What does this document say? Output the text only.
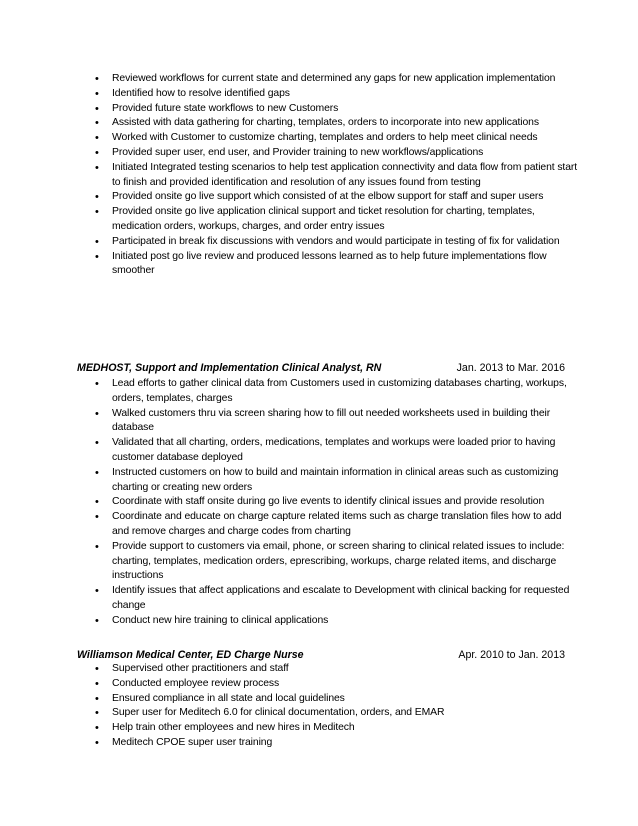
• Reviewed workflows for current state and determined any gaps for new application implementation
• Identified how to resolve identified gaps
• Provided future state workflows to new Customers
• Assisted with data gathering for charting, templates, orders to incorporate into new applications
• Worked with Customer to customize charting, templates and orders to help meet clinical needs
• Provided super user, end user, and Provider training to new workflows/applications
• Initiated Integrated testing scenarios to help test application connectivity and data flow from patient start to finish and provided identification and resolution of any issues found from testing
• Provided onsite go live support which consisted of at the elbow support for staff and super users
• Provided onsite go live application clinical support and ticket resolution for charting, templates, medication orders, workups, charges, and order entry issues
• Participated in break fix discussions with vendors and would participate in testing of fix for validation
• Initiated post go live review and produced lessons learned as to help future implementations flow smoother
MEDHOST, Support and Implementation Clinical Analyst, RN	Jan. 2013 to Mar. 2016
• Lead efforts to gather clinical data from Customers used in customizing databases charting, workups, orders, templates, charges
• Walked customers thru via screen sharing how to fill out needed worksheets used in building their database
• Validated that all charting, orders, medications, templates and workups were loaded prior to having customer database deployed
• Instructed customers on how to build and maintain information in clinical areas such as customizing charting or creating new orders
• Coordinate with staff onsite during go live events to identify clinical issues and provide resolution
• Coordinate and educate on charge capture related items such as charge translation files how to add and remove charges and charge codes from charting
• Provide support to customers via email, phone, or screen sharing to clinical related issues to include: charting, templates, medication orders, eprescribing, workups, charge related items, and discharge instructions
• Identify issues that affect applications and escalate to Development with clinical backing for requested change
• Conduct new hire training to clinical applications
Williamson Medical Center, ED Charge Nurse	Apr. 2010 to Jan. 2013
• Supervised other practitioners and staff
• Conducted employee review process
• Ensured compliance in all state and local guidelines
• Super user for Meditech 6.0 for clinical documentation, orders, and EMAR
• Help train other employees and new hires in Meditech
• Meditech CPOE super user training
